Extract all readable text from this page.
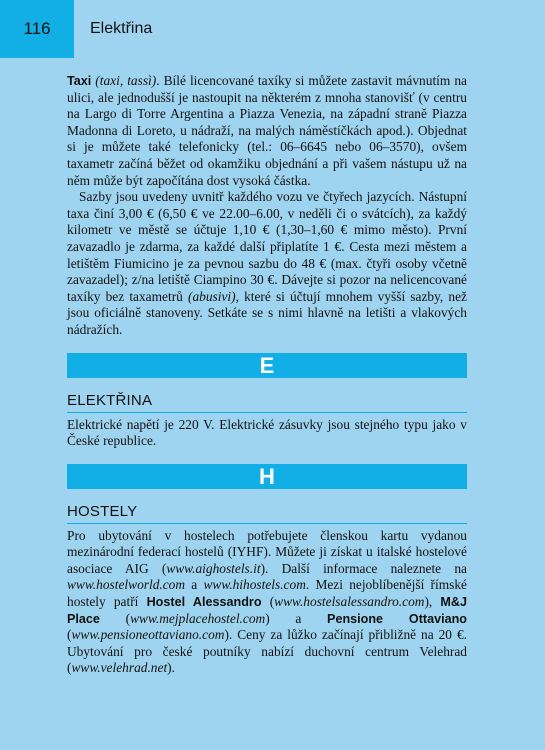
116	Elektřina

Taxi (taxi, tassì). Bílé licencované taxíky si můžete zastavit mávnutím na ulici, ale jednodušší je nastoupit na některém z mnoha stanovišť (v centru na Largo di Torre Argentina a Piazza Venezia, na západní straně Piazza Madonna di Loreto, u nádraží, na malých náměstíčkách apod.). Objednat si je můžete také telefonicky (tel.: 06–6645 nebo 06–3570), ovšem taxametr začíná běžet od okamžiku objednání a při vašem nástupu už na něm může být započítána dost vysoká částka.

Sazby jsou uvedeny uvnitř každého vozu ve čtyřech jazycích. Nástupní taxa činí 3,00 € (6,50 € ve 22.00–6.00, v neděli či o svátcích), za každý kilometr ve městě se účtuje 1,10 € (1,30–1,60 € mimo město). První zavazadlo je zdarma, za každé další připlatíte 1 €. Cesta mezi městem a letištěm Fiumicino je za pevnou sazbu do 48 € (max. čtyři osoby včetně zavazadel); z/na letiště Ciampino 30 €. Dávejte si pozor na nelicencované taxíky bez taxametrů (abusivi), které si účtují mnohem vyšší sazby, než jsou oficiálně stanoveny. Setkáte se s nimi hlavně na letišti a vlakových nádražích.

E
ELEKTŘINA

Elektrické napětí je 220 V. Elektrické zásuvky jsou stejného typu jako v České republice.

H
HOSTELY

Pro ubytování v hostelech potřebujete členskou kartu vydanou mezinárodní federací hostelů (IYHF). Můžete ji získat u italské hostelové asociace AIG (www.aighostels.it). Další informace naleznete na www.hostelworld.com a www.hihostels.com. Mezi nejoblíbenější římské hostely patří Hostel Alessandro (www.hostelsalessandro.com), M&J Place (www.mejplacehostel.com) a Pensione Ottaviano (www.pensioneottaviano.com). Ceny za lůžko začínají přibližně na 20 €. Ubytování pro české poutníky nabízí duchovní centrum Velehrad (www.velehrad.net).
